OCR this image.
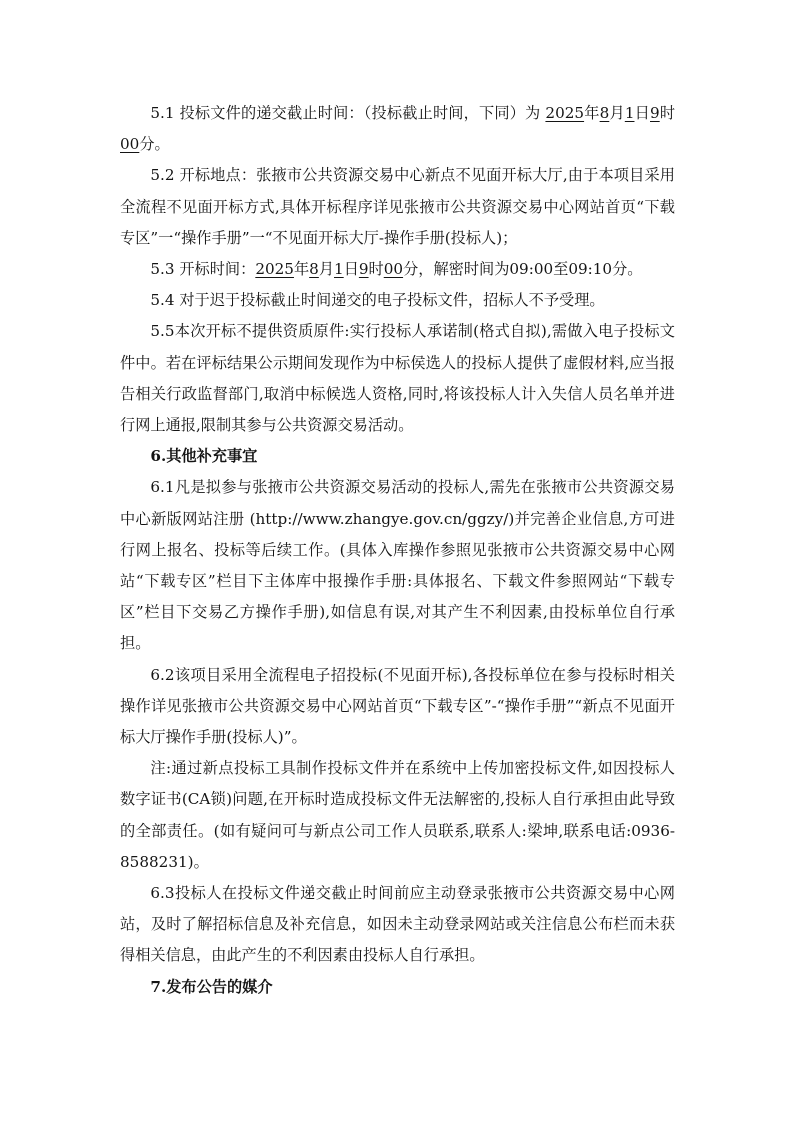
5.1 投标文件的递交截止时间：（投标截止时间，下同）为 2025年8月1日9时00分。

5.2 开标地点：张掖市公共资源交易中心新点不见面开标大厅,由于本项目采用全流程不见面开标方式,具体开标程序详见张掖市公共资源交易中心网站首页“下载专区”一“操作手册”一“不见面开标大厅-操作手册(投标人)；

5.3 开标时间：2025年8月1日9时00分，解密时间为09:00至09:10分。

5.4 对于迟于投标截止时间递交的电子投标文件，招标人不予受理。

5.5本次开标不提供资质原件:实行投标人承诺制(格式自拟),需做入电子投标文件中。若在评标结果公示期间发现作为中标侯选人的投标人提供了虚假材料,应当报告相关行政监督部门,取消中标候选人资格,同时,将该投标人计入失信人员名单并进行网上通报,限制其参与公共资源交易活动。

6.其他补充事宜

6.1凡是拟参与张掖市公共资源交易活动的投标人,需先在张掖市公共资源交易中心新版网站注册 (http://www.zhangye.gov.cn/ggzy/)并完善企业信息,方可进行网上报名、投标等后续工作。(具体入库操作参照见张掖市公共资源交易中心网站“下载专区”栏目下主体库中报操作手册:具体报名、下载文件参照网站“下载专区”栏目下交易乙方操作手册),如信息有误,对其产生不利因素,由投标单位自行承担。

6.2该项目采用全流程电子招投标(不见面开标),各投标单位在参与投标时相关操作详见张掖市公共资源交易中心网站首页“下载专区”-“操作手册”“新点不见面开标大厅操作手册(投标人)”。

注:通过新点投标工具制作投标文件并在系统中上传加密投标文件,如因投标人数字证书(CA锁)问题,在开标时造成投标文件无法解密的,投标人自行承担由此导致的全部责任。(如有疑问可与新点公司工作人员联系,联系人:梁坤,联系电话:0936-8588231)。

6.3投标人在投标文件递交截止时间前应主动登录张掖市公共资源交易中心网站，及时了解招标信息及补充信息，如因未主动登录网站或关注信息公布栏而未获得相关信息，由此产生的不利因素由投标人自行承担。

7.发布公告的媒介
